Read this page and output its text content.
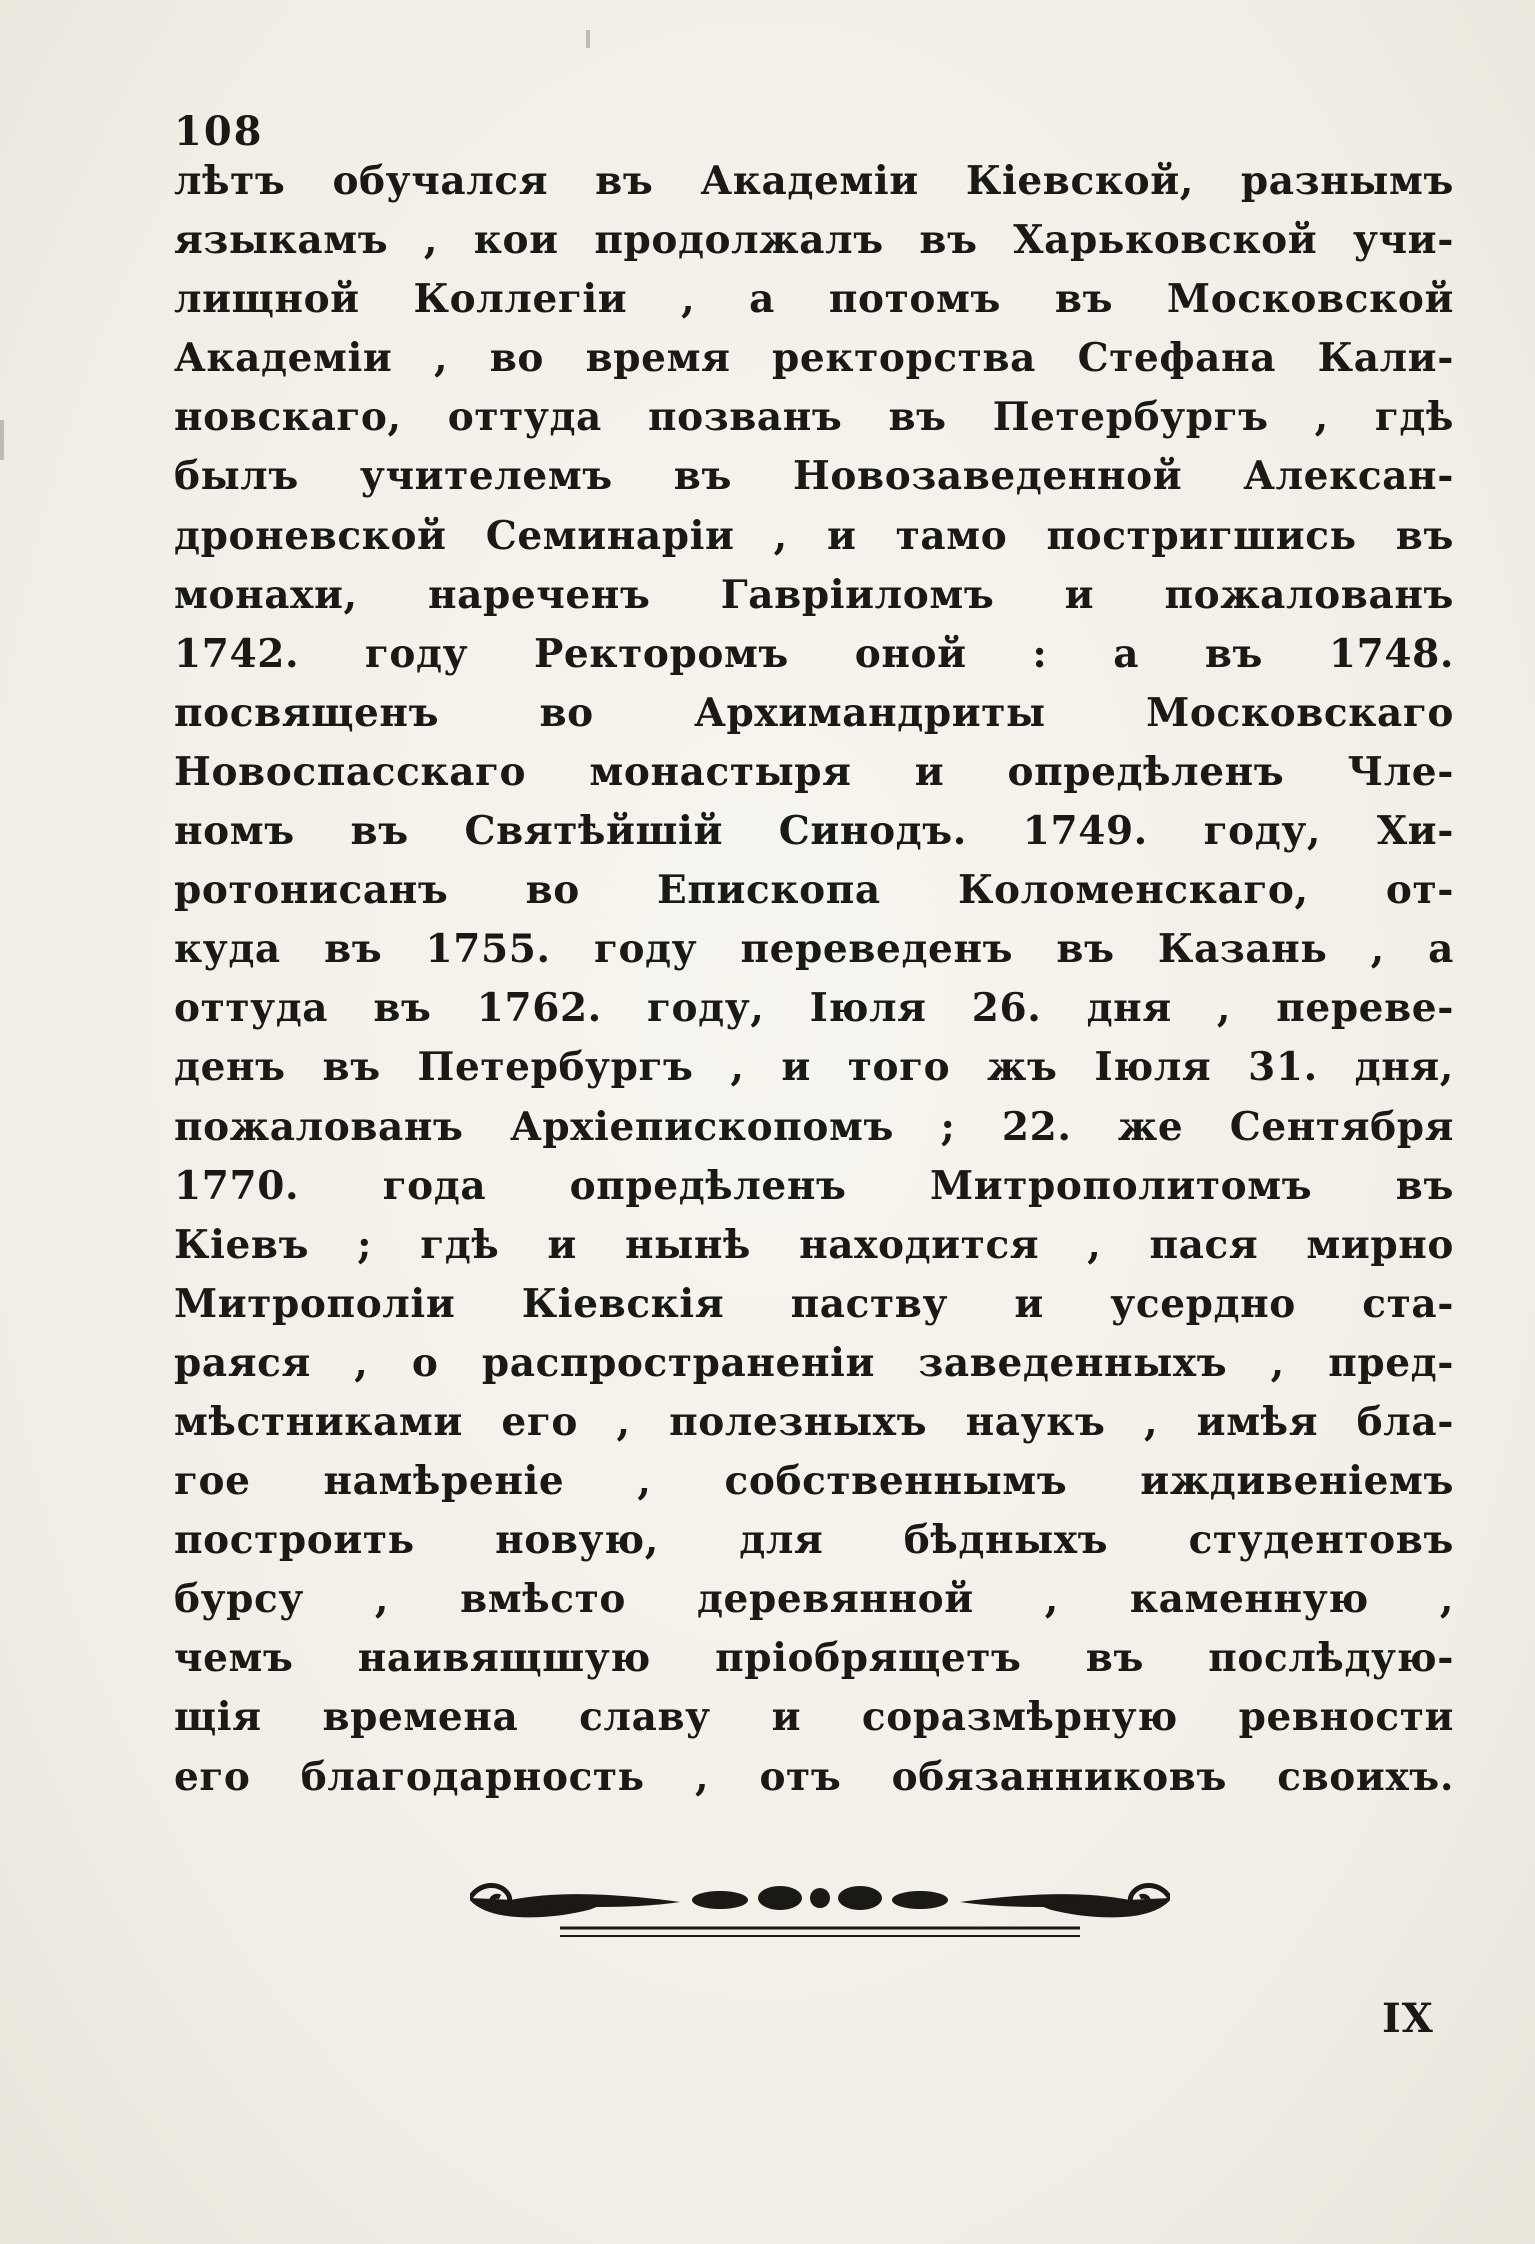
108
лѣтъ обучался въ Академіи Кіевской, разнымъ
языкамъ , кои продолжалъ въ Харьковской учи-
лищной Коллегіи , а потомъ въ Московской
Академіи , во время ректорства Стефана Кали-
новскаго, оттуда позванъ въ Петербургъ , гдѣ
былъ учителемъ въ Новозаведенной Алексан-
дроневской Семинаріи , и тамо постригшись въ
монахи, нареченъ Гавріиломъ и пожалованъ
1742. году Ректоромъ оной : а въ 1748.
посвященъ во Архимандриты Московскаго
Новоспасскаго монастыря и опредѣленъ Чле-
номъ въ Святѣйшій Синодъ. 1749. году, Хи-
ротонисанъ во Епископа Коломенскаго, от-
куда въ 1755. году переведенъ въ Казань , а
оттуда въ 1762. году, Іюля 26. дня , переве-
денъ въ Петербургъ , и того жъ Іюля 31. дня,
пожалованъ Архіепископомъ ; 22. же Сентября
1770. года опредѣленъ Митрополитомъ въ
Кіевъ ; гдѣ и нынѣ находится , пася мирно
Митрополіи Кіевскія паству и усердно ста-
раяся , о распространеніи заведенныхъ , пред-
мѣстниками его , полезныхъ наукъ , имѣя бла-
гое намѣреніе , собственнымъ иждивеніемъ
построить новую, для бѣдныхъ студентовъ
бурсу , вмѣсто деревянной , каменную ,
чемъ наивящшую пріобрящетъ въ послѣдую-
щія времена славу и соразмѣрную ревности
его благодарность , отъ обязанниковъ своихъ.
IX
